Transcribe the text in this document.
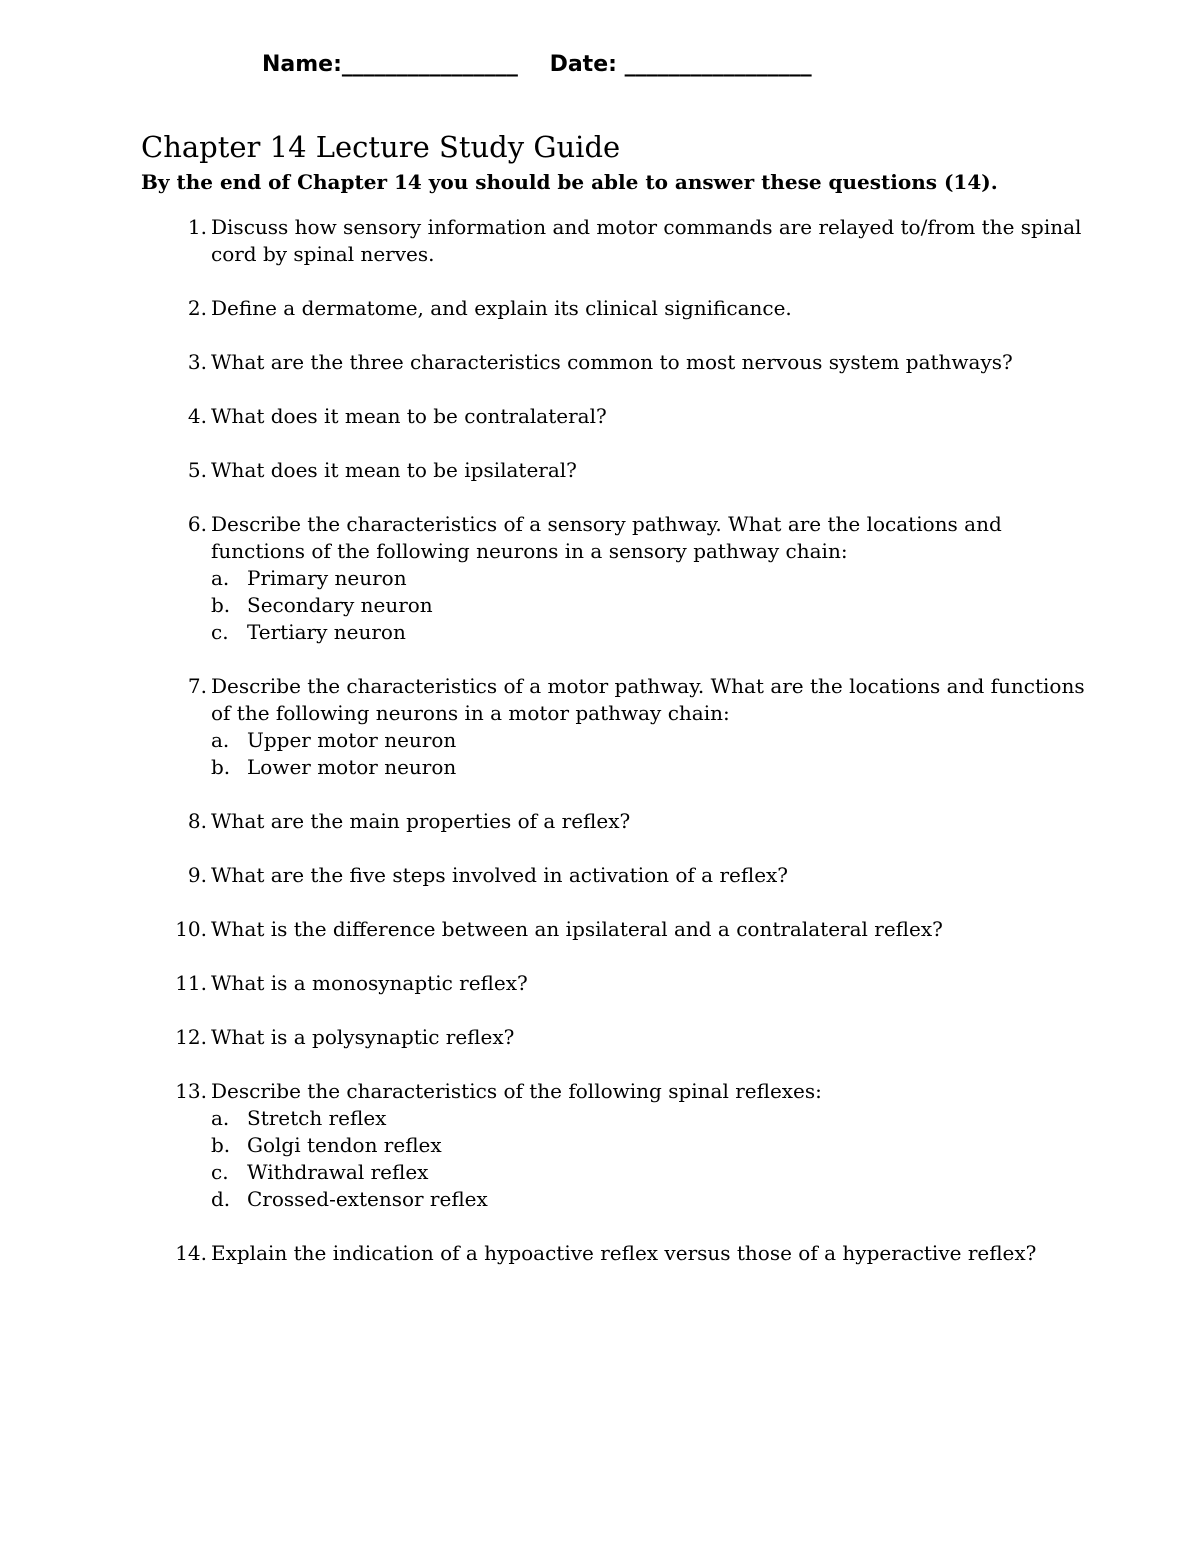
Name:________________ Date: _________________
Chapter 14 Lecture Study Guide
By the end of Chapter 14 you should be able to answer these questions (14).
1. Discuss how sensory information and motor commands are relayed to/from the spinal cord by spinal nerves.
2. Define a dermatome, and explain its clinical significance.
3. What are the three characteristics common to most nervous system pathways?
4. What does it mean to be contralateral?
5. What does it mean to be ipsilateral?
6. Describe the characteristics of a sensory pathway. What are the locations and functions of the following neurons in a sensory pathway chain:
a. Primary neuron
b. Secondary neuron
c. Tertiary neuron
7. Describe the characteristics of a motor pathway. What are the locations and functions of the following neurons in a motor pathway chain:
a. Upper motor neuron
b. Lower motor neuron
8. What are the main properties of a reflex?
9. What are the five steps involved in activation of a reflex?
10. What is the difference between an ipsilateral and a contralateral reflex?
11. What is a monosynaptic reflex?
12. What is a polysynaptic reflex?
13. Describe the characteristics of the following spinal reflexes:
a. Stretch reflex
b. Golgi tendon reflex
c. Withdrawal reflex
d. Crossed-extensor reflex
14. Explain the indication of a hypoactive reflex versus those of a hyperactive reflex?
